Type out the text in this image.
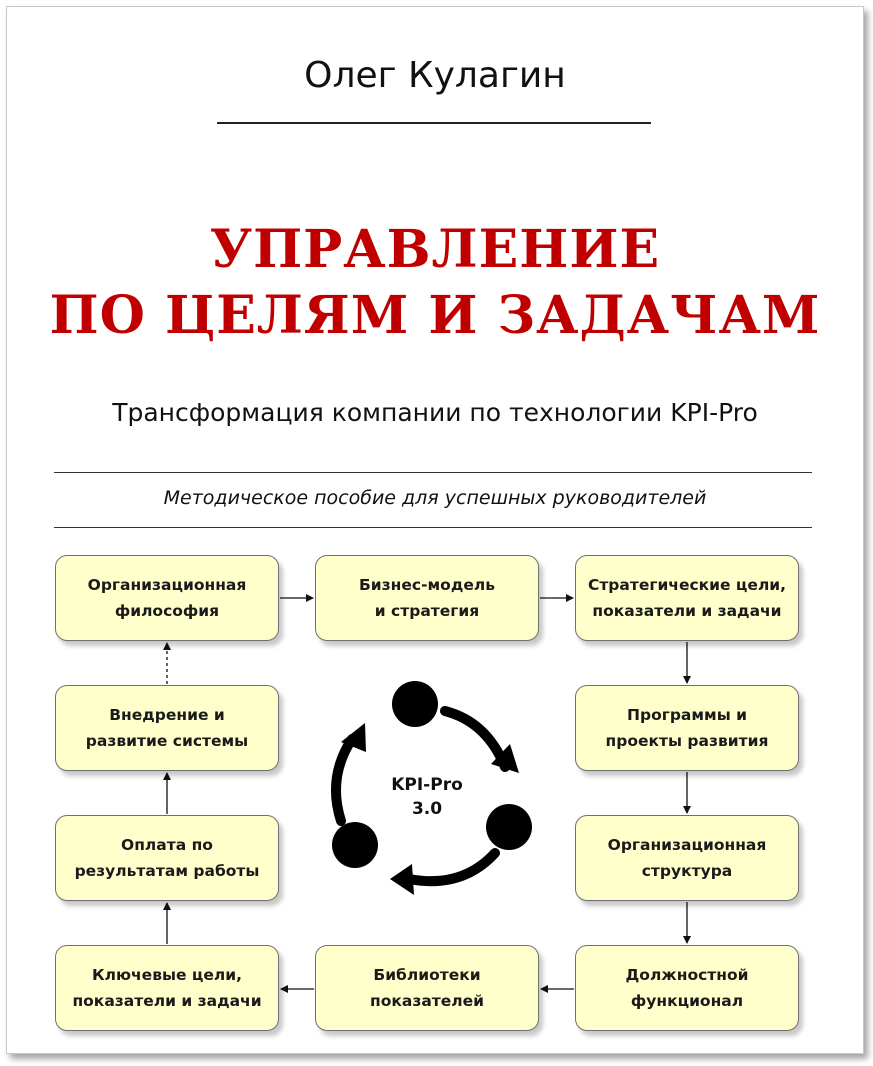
Олег Кулагин
УПРАВЛЕНИЕ
ПО ЦЕЛЯМ И ЗАДАЧАМ
Трансформация компании по технологии KPI-Pro
Методическое пособие для успешных руководителей
KPI-Pro
3.0
Организационная
философия
Бизнес-модель
и стратегия
Стратегические цели,
показатели и задачи
Программы и
проекты развития
Организационная
структура
Должностной
функционал
Библиотеки
показателей
Ключевые цели,
показатели и задачи
Оплата по
результатам работы
Внедрение и
развитие системы
